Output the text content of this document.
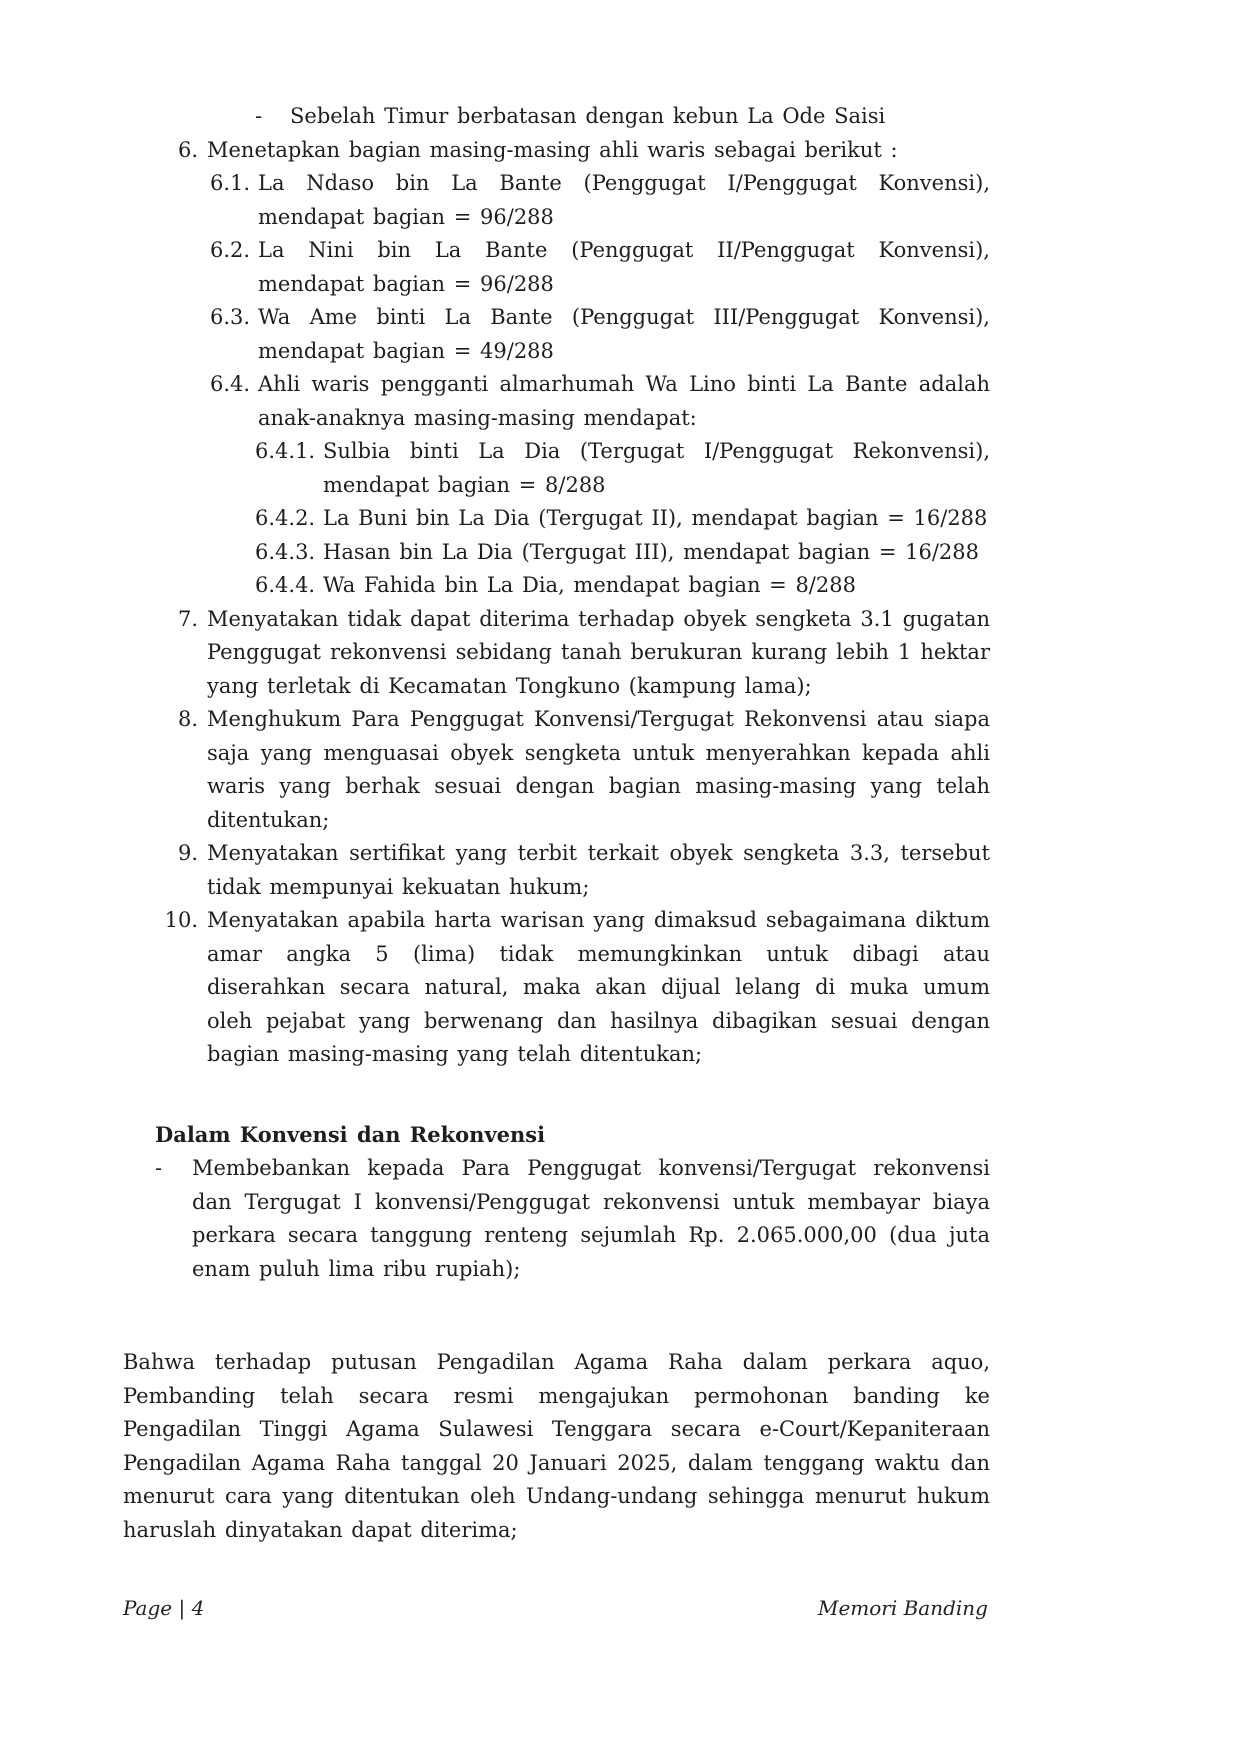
-	Sebelah Timur berbatasan dengan kebun La Ode Saisi
6. Menetapkan bagian masing-masing ahli waris sebagai berikut :
6.1. La Ndaso bin La Bante (Penggugat I/Penggugat Konvensi), mendapat bagian = 96/288
6.2. La Nini bin La Bante (Penggugat II/Penggugat Konvensi), mendapat bagian = 96/288
6.3. Wa Ame binti La Bante (Penggugat III/Penggugat Konvensi), mendapat bagian = 49/288
6.4. Ahli waris pengganti almarhumah Wa Lino binti La Bante adalah anak-anaknya masing-masing mendapat:
6.4.1. Sulbia binti La Dia (Tergugat I/Penggugat Rekonvensi), mendapat bagian = 8/288
6.4.2. La Buni bin La Dia (Tergugat II), mendapat bagian = 16/288
6.4.3. Hasan bin La Dia (Tergugat III), mendapat bagian = 16/288
6.4.4. Wa Fahida bin La Dia, mendapat bagian = 8/288
7. Menyatakan tidak dapat diterima terhadap obyek sengketa 3.1 gugatan Penggugat rekonvensi sebidang tanah berukuran kurang lebih 1 hektar yang terletak di Kecamatan Tongkuno (kampung lama);
8. Menghukum Para Penggugat Konvensi/Tergugat Rekonvensi atau siapa saja yang menguasai obyek sengketa untuk menyerahkan kepada ahli waris yang berhak sesuai dengan bagian masing-masing yang telah ditentukan;
9. Menyatakan sertifikat yang terbit terkait obyek sengketa 3.3, tersebut tidak mempunyai kekuatan hukum;
10. Menyatakan apabila harta warisan yang dimaksud sebagaimana diktum amar angka 5 (lima) tidak memungkinkan untuk dibagi atau diserahkan secara natural, maka akan dijual lelang di muka umum oleh pejabat yang berwenang dan hasilnya dibagikan sesuai dengan bagian masing-masing yang telah ditentukan;
Dalam Konvensi dan Rekonvensi
-	Membebankan kepada Para Penggugat konvensi/Tergugat rekonvensi dan Tergugat I konvensi/Penggugat rekonvensi untuk membayar biaya perkara secara tanggung renteng sejumlah Rp. 2.065.000,00 (dua juta enam puluh lima ribu rupiah);
Bahwa terhadap putusan Pengadilan Agama Raha dalam perkara aquo, Pembanding telah secara resmi mengajukan permohonan banding ke Pengadilan Tinggi Agama Sulawesi Tenggara secara e-Court/Kepaniteraan Pengadilan Agama Raha tanggal 20 Januari 2025, dalam tenggang waktu dan menurut cara yang ditentukan oleh Undang-undang sehingga menurut hukum haruslah dinyatakan dapat diterima;
Page | 4	Memori Banding
